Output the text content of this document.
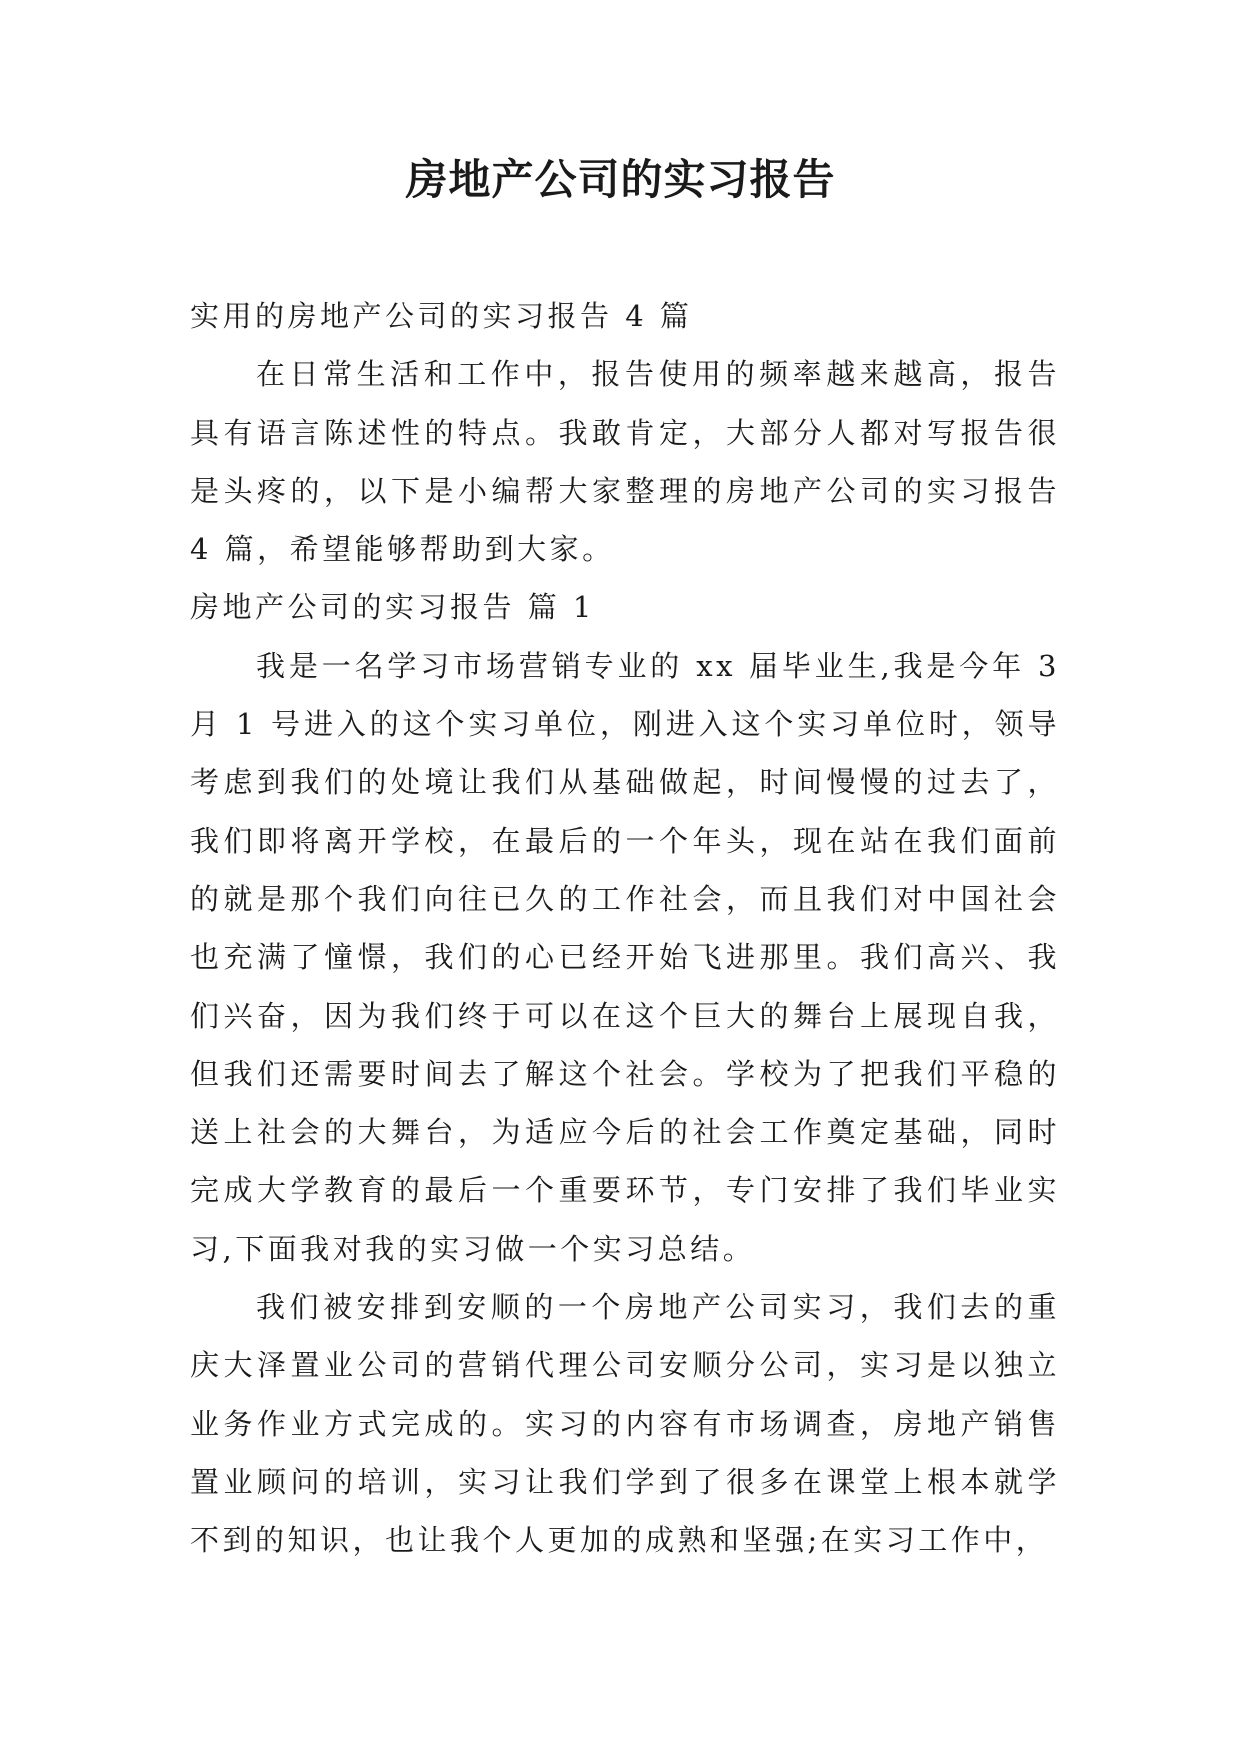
房地产公司的实习报告

实用的房地产公司的实习报告 4 篇

在日常生活和工作中，报告使用的频率越来越高，报告具有语言陈述性的特点。我敢肯定，大部分人都对写报告很是头疼的，以下是小编帮大家整理的房地产公司的实习报告 4 篇，希望能够帮助到大家。

房地产公司的实习报告 篇 1

我是一名学习市场营销专业的 xx 届毕业生,我是今年 3 月 1 号进入的这个实习单位，刚进入这个实习单位时，领导考虑到我们的处境让我们从基础做起，时间慢慢的过去了，我们即将离开学校，在最后的一个年头，现在站在我们面前的就是那个我们向往已久的工作社会，而且我们对中国社会也充满了憧憬，我们的心已经开始飞进那里。我们高兴、我们兴奋，因为我们终于可以在这个巨大的舞台上展现自我，但我们还需要时间去了解这个社会。学校为了把我们平稳的送上社会的大舞台，为适应今后的社会工作奠定基础，同时完成大学教育的最后一个重要环节，专门安排了我们毕业实习,下面我对我的实习做一个实习总结。

我们被安排到安顺的一个房地产公司实习，我们去的重庆大泽置业公司的营销代理公司安顺分公司，实习是以独立业务作业方式完成的。实习的内容有市场调查，房地产销售置业顾问的培训，实习让我们学到了很多在课堂上根本就学不到的知识，也让我个人更加的成熟和坚强;在实习工作中，
